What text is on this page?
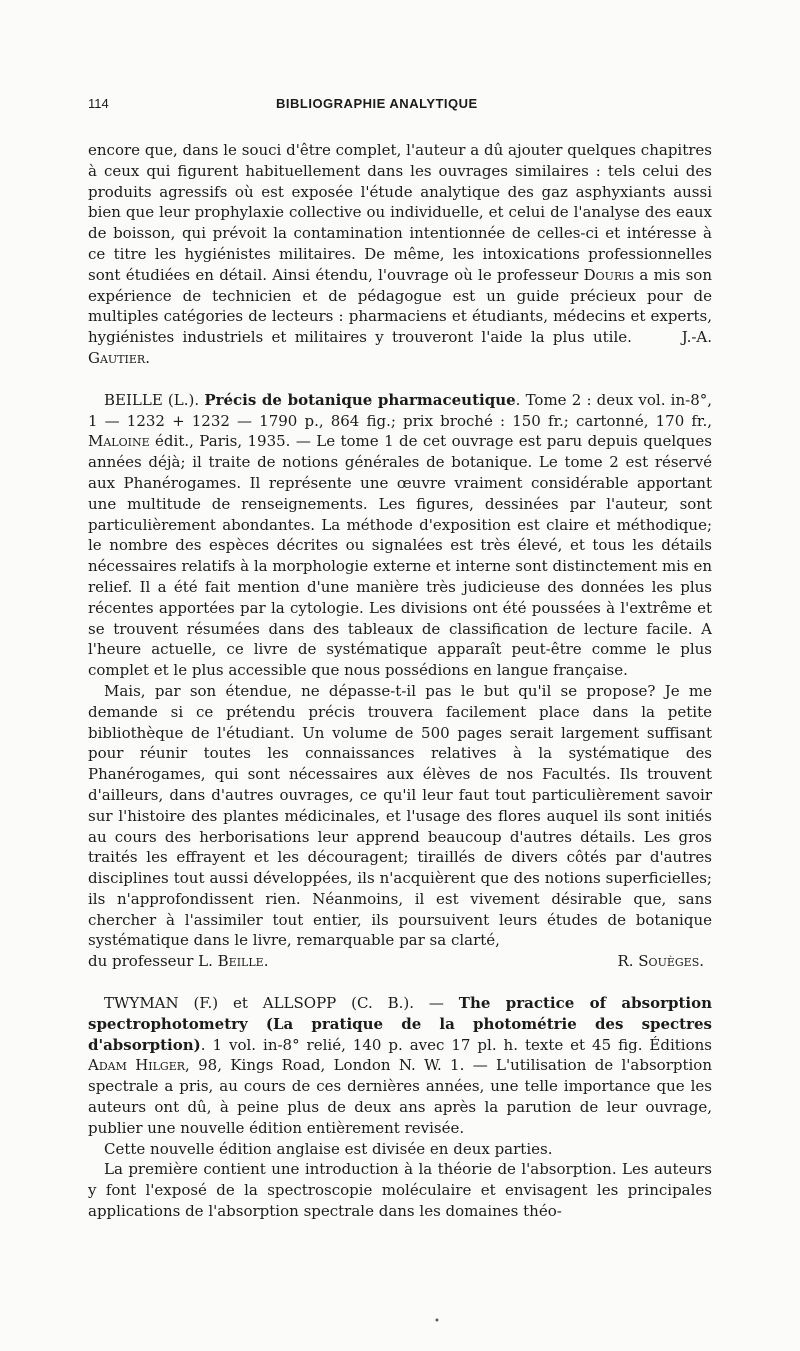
114	BIBLIOGRAPHIE ANALYTIQUE

encore que, dans le souci d'être complet, l'auteur a dû ajouter quelques chapitres à ceux qui figurent habituellement dans les ouvrages similaires : tels celui des produits agressifs où est exposée l'étude analytique des gaz asphyxiants aussi bien que leur prophylaxie collective ou individuelle, et celui de l'analyse des eaux de boisson, qui prévoit la contamination intentionnée de celles-ci et intéresse à ce titre les hygiénistes militaires. De même, les intoxications professionnelles sont étudiées en détail. Ainsi étendu, l'ouvrage où le professeur Douris a mis son expérience de technicien et de pédagogue est un guide précieux pour de multiples catégories de lecteurs : pharmaciens et étudiants, médecins et experts, hygiénistes industriels et militaires y trouveront l'aide la plus utile.	J.-A. Gautier.

BEILLE (L.). Précis de botanique pharmaceutique. Tome 2 : deux vol. in-8°, 1 — 1232 + 1232 — 1790 p., 864 fig.; prix broché : 150 fr.; cartonné, 170 fr., Maloine édit., Paris, 1935. — Le tome 1 de cet ouvrage est paru depuis quelques années déjà; il traite de notions générales de botanique. Le tome 2 est réservé aux Phanérogames. Il représente une œuvre vraiment considérable apportant une multitude de renseignements. Les figures, dessinées par l'auteur, sont particulièrement abondantes. La méthode d'exposition est claire et méthodique; le nombre des espèces décrites ou signalées est très élevé, et tous les détails nécessaires relatifs à la morphologie externe et interne sont distinctement mis en relief. Il a été fait mention d'une manière très judicieuse des données les plus récentes apportées par la cytologie. Les divisions ont été poussées à l'extrême et se trouvent résumées dans des tableaux de classification de lecture facile. A l'heure actuelle, ce livre de systématique apparaît peut-être comme le plus complet et le plus accessible que nous possédions en langue française.

Mais, par son étendue, ne dépasse-t-il pas le but qu'il se propose? Je me demande si ce prétendu précis trouvera facilement place dans la petite bibliothèque de l'étudiant. Un volume de 500 pages serait largement suffisant pour réunir toutes les connaissances relatives à la systématique des Phanérogames, qui sont nécessaires aux élèves de nos Facultés. Ils trouvent d'ailleurs, dans d'autres ouvrages, ce qu'il leur faut tout particulièrement savoir sur l'histoire des plantes médicinales, et l'usage des flores auquel ils sont initiés au cours des herborisations leur apprend beaucoup d'autres détails. Les gros traités les effrayent et les découragent; tiraillés de divers côtés par d'autres disciplines tout aussi développées, ils n'acquièrent que des notions superficielles; ils n'approfondissent rien. Néanmoins, il est vivement désirable que, sans chercher à l'assimiler tout entier, ils poursuivent leurs études de botanique systématique dans le livre, remarquable par sa clarté,

du professeur L. Beille.	R. Souèges.

TWYMAN (F.) et ALLSOPP (C. B.). — The practice of absorption spectrophotometry (La pratique de la photométrie des spectres d'absorption). 1 vol. in-8° relié, 140 p. avec 17 pl. h. texte et 45 fig. Éditions Adam Hilger, 98, Kings Road, London N. W. 1. — L'utilisation de l'absorption spectrale a pris, au cours de ces dernières années, une telle importance que les auteurs ont dû, à peine plus de deux ans après la parution de leur ouvrage, publier une nouvelle édition entièrement revisée.

Cette nouvelle édition anglaise est divisée en deux parties.

La première contient une introduction à la théorie de l'absorption. Les auteurs y font l'exposé de la spectroscopie moléculaire et envisagent les principales applications de l'absorption spectrale dans les domaines théo-

•
